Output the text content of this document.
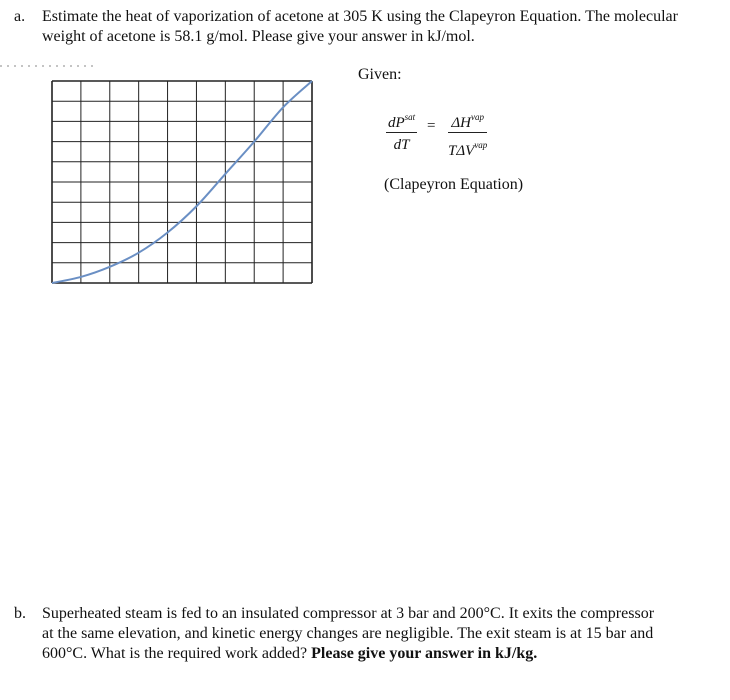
a. Estimate the heat of vaporization of acetone at 305 K using the Clapeyron Equation. The molecular weight of acetone is 58.1 g/mol. Please give your answer in kJ/mol.
Given:
$dP^{sat}$
dT
= $\Delta H^{vap}$
$T\Delta V^{vap}$
(Clapeyron Equation)
b. Superheated steam is fed to an insulated compressor at 3 bar and 200°C. It exits the compressor at the same elevation, and kinetic energy changes are negligible. The exit steam is at 15 bar and 600°C. What is the required work added? Please give your answer in kJ/kg.
